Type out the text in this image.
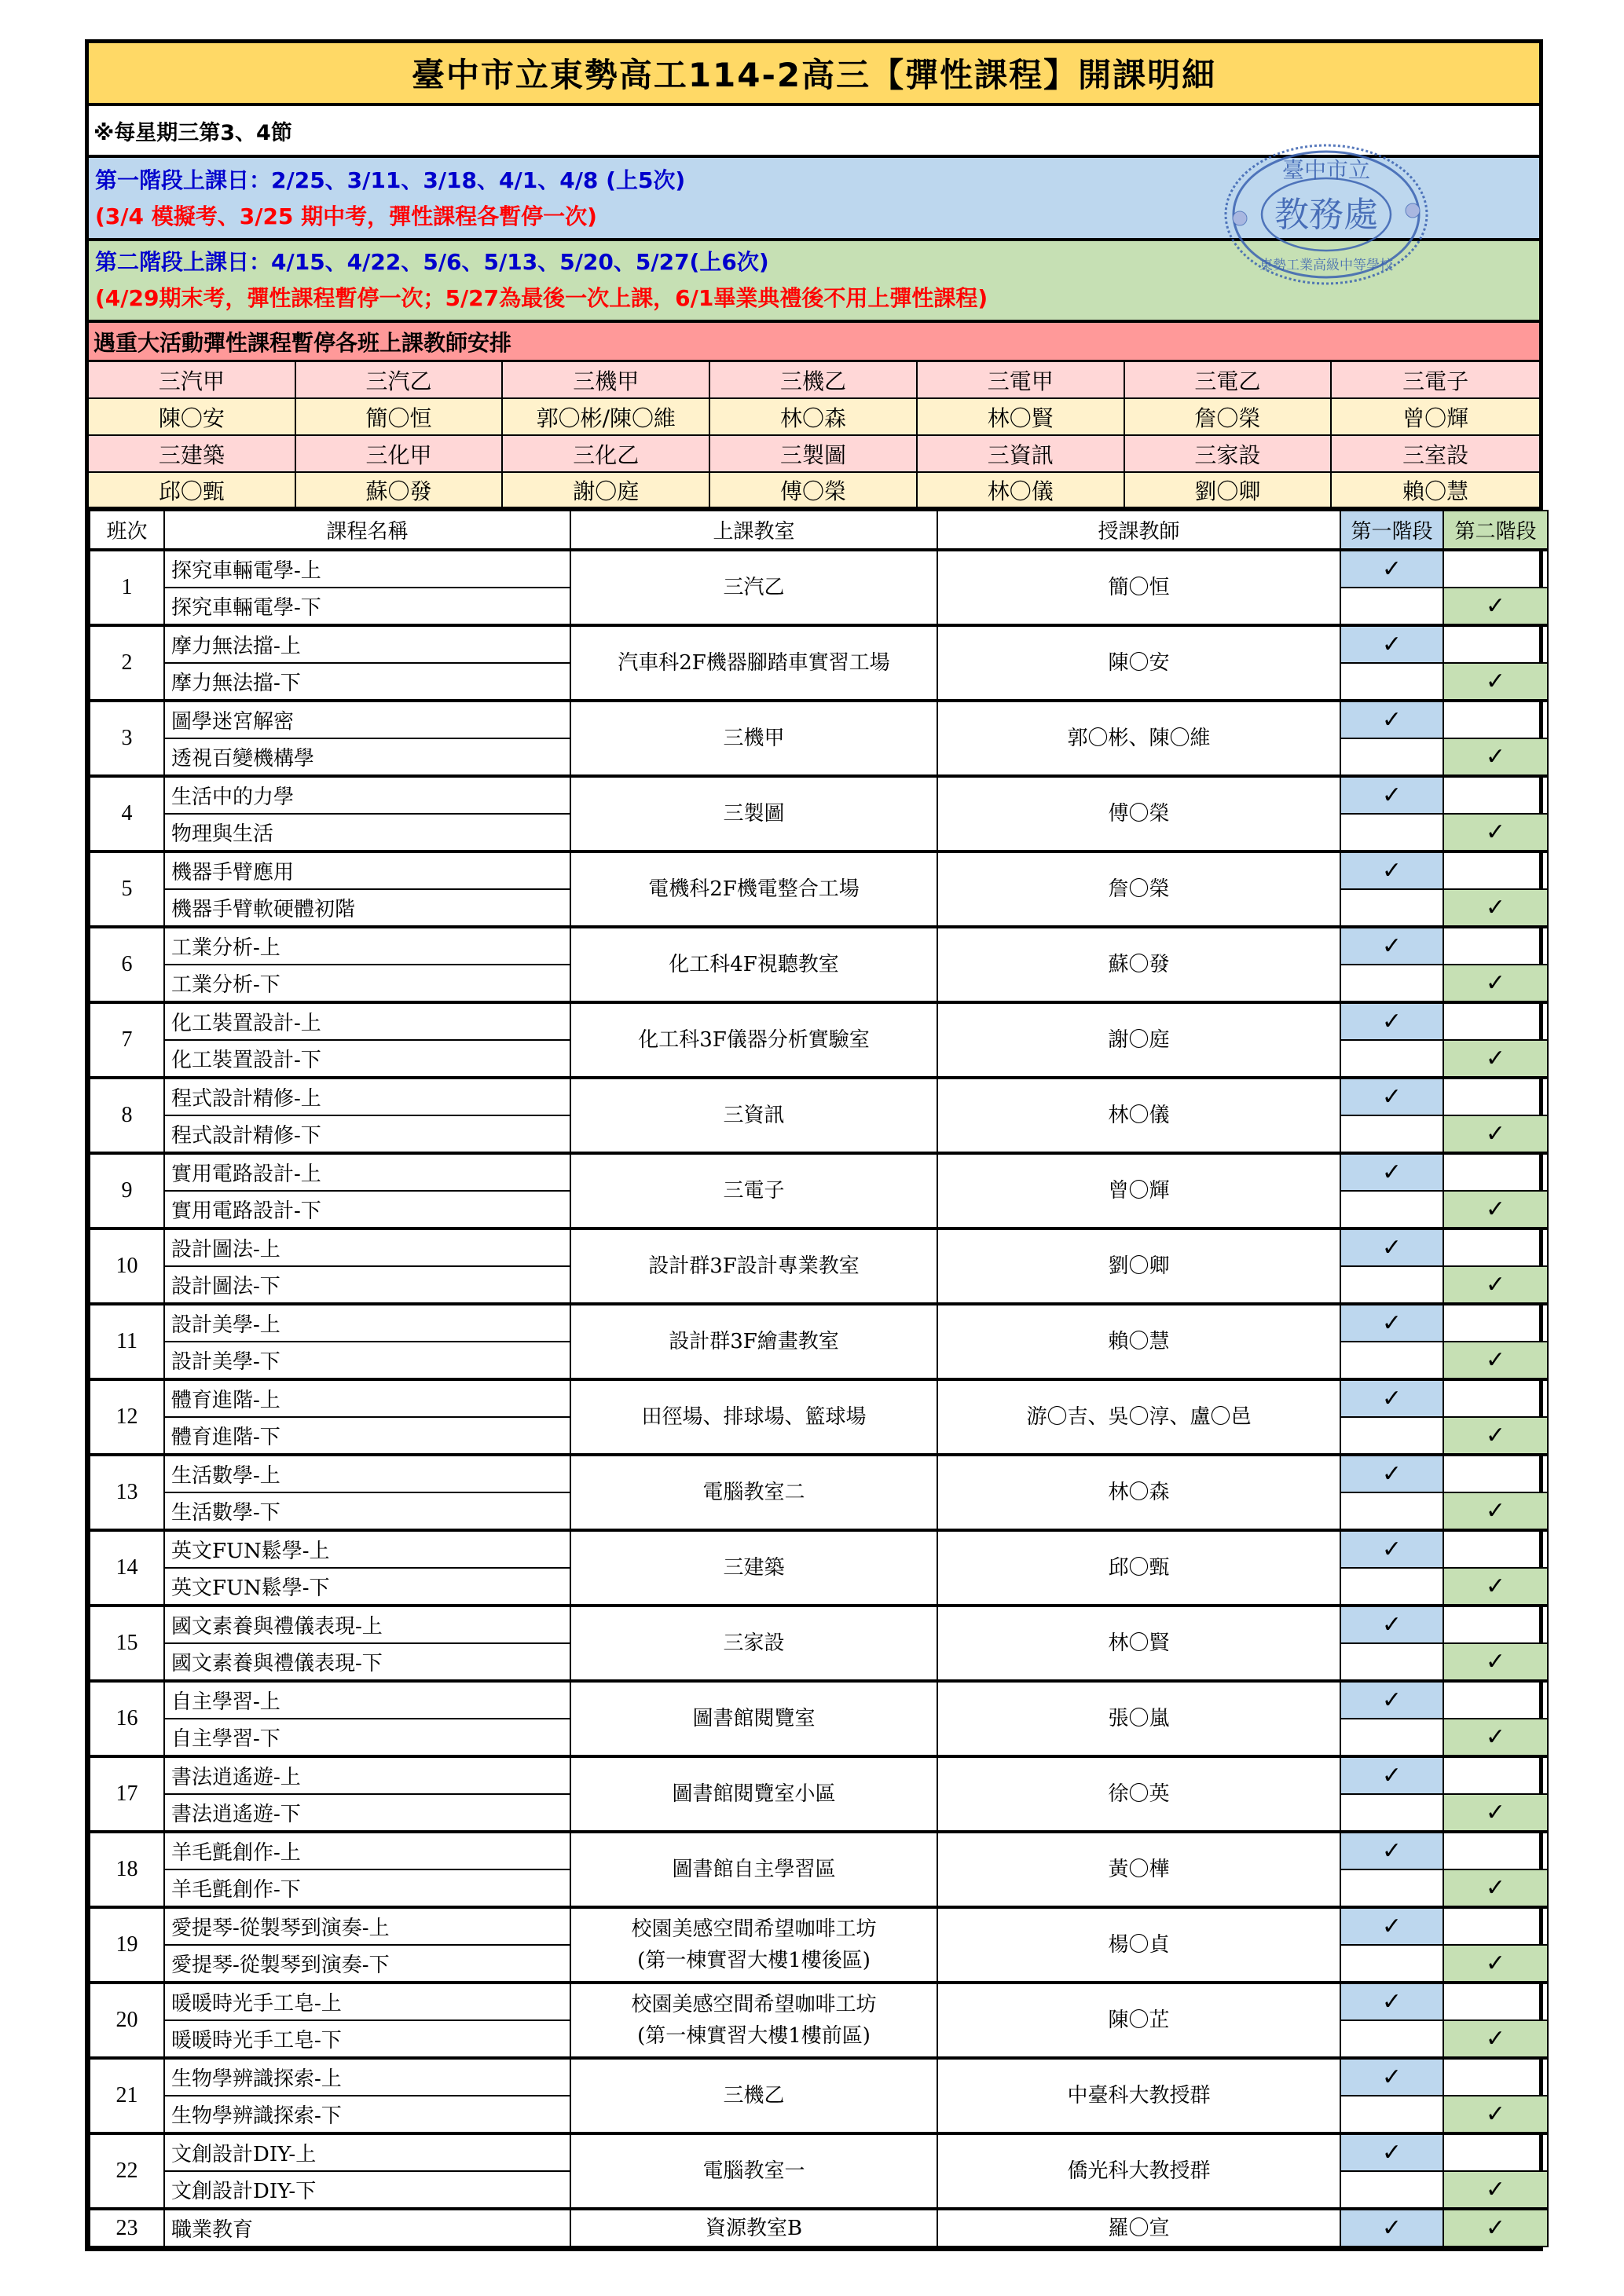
臺中市立東勢高工114-2高三【彈性課程】開課明細
※每星期三第3、4節
第一階段上課日：2/25、3/11、3/18、4/1、4/8 (上5次)
(3/4 模擬考、3/25 期中考，彈性課程各暫停一次)
第二階段上課日：4/15、4/22、5/6、5/13、5/20、5/27(上6次)
(4/29期末考，彈性課程暫停一次；5/27為最後一次上課，6/1畢業典禮後不用上彈性課程)
遇重大活動彈性課程暫停各班上課教師安排
三汽甲	三汽乙	三機甲	三機乙	三電甲	三電乙	三電子
陳〇安	簡〇恒	郭〇彬/陳〇維	林〇森	林〇賢	詹〇榮	曾〇輝
三建築	三化甲	三化乙	三製圖	三資訊	三家設	三室設
邱〇甄	蘇〇發	謝〇庭	傅〇榮	林〇儀	劉〇卿	賴〇慧
班次	課程名稱	上課教室	授課教師	第一階段	第二階段
1	探究車輛電學-上	三汽乙	簡〇恒	✓	
	探究車輛電學-下				✓
2	摩力無法擋-上	汽車科2F機器腳踏車實習工場	陳〇安	✓	
	摩力無法擋-下				✓
3	圖學迷宮解密	三機甲	郭〇彬、陳〇維	✓	
	透視百變機構學				✓
4	生活中的力學	三製圖	傅〇榮	✓	
	物理與生活				✓
5	機器手臂應用	電機科2F機電整合工場	詹〇榮	✓	
	機器手臂軟硬體初階				✓
6	工業分析-上	化工科4F視聽教室	蘇〇發	✓	
	工業分析-下				✓
7	化工裝置設計-上	化工科3F儀器分析實驗室	謝〇庭	✓	
	化工裝置設計-下				✓
8	程式設計精修-上	三資訊	林〇儀	✓	
	程式設計精修-下				✓
9	實用電路設計-上	三電子	曾〇輝	✓	
	實用電路設計-下				✓
10	設計圖法-上	設計群3F設計專業教室	劉〇卿	✓	
	設計圖法-下				✓
11	設計美學-上	設計群3F繪畫教室	賴〇慧	✓	
	設計美學-下				✓
12	體育進階-上	田徑場、排球場、籃球場	游〇吉、吳〇淳、盧〇邑	✓	
	體育進階-下				✓
13	生活數學-上	電腦教室二	林〇森	✓	
	生活數學-下				✓
14	英文FUN鬆學-上	三建築	邱〇甄	✓	
	英文FUN鬆學-下				✓
15	國文素養與禮儀表現-上	三家設	林〇賢	✓	
	國文素養與禮儀表現-下				✓
16	自主學習-上	圖書館閱覽室	張〇嵐	✓	
	自主學習-下				✓
17	書法逍遙遊-上	圖書館閱覽室小區	徐〇英	✓	
	書法逍遙遊-下				✓
18	羊毛氈創作-上	圖書館自主學習區	黃〇樺	✓	
	羊毛氈創作-下				✓
19	愛提琴-從製琴到演奏-上	校園美感空間希望咖啡工坊
(第一棟實習大樓1樓後區)	楊〇貞	✓	
	愛提琴-從製琴到演奏-下				✓
20	暖暖時光手工皂-上	校園美感空間希望咖啡工坊
(第一棟實習大樓1樓前區)	陳〇芷	✓	
	暖暖時光手工皂-下				✓
21	生物學辨識探索-上	三機乙	中臺科大教授群	✓	
	生物學辨識探索-下				✓
22	文創設計DIY-上	電腦教室一	僑光科大教授群	✓	
	文創設計DIY-下				✓
23	職業教育	資源教室B	羅〇宣	✓	✓
臺中市立
教務處
東勢工業高級中等學校
